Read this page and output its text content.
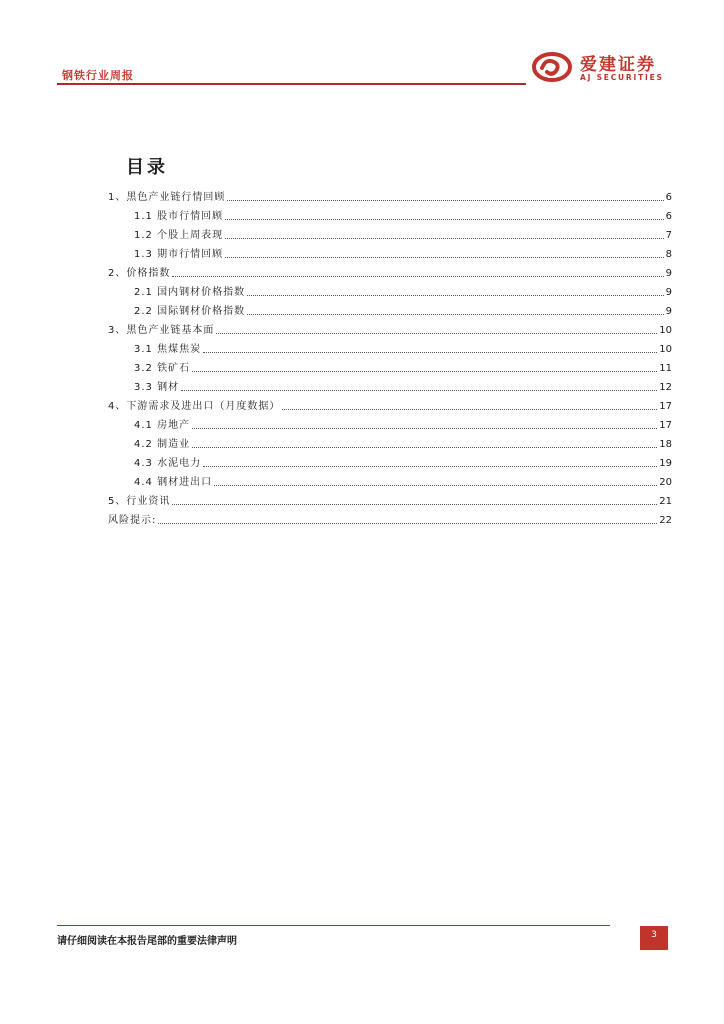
钢铁行业周报
爱建证券
AJ SECURITIES
目录
1、黑色产业链行情回顾	6
1.1 股市行情回顾	6
1.2 个股上周表现	7
1.3 期市行情回顾	8
2、价格指数	9
2.1 国内钢材价格指数	9
2.2 国际钢材价格指数	9
3、黑色产业链基本面	10
3.1 焦煤焦炭	10
3.2 铁矿石	11
3.3 钢材	12
4、下游需求及进出口（月度数据）	17
4.1 房地产	17
4.2 制造业	18
4.3 水泥电力	19
4.4 钢材进出口	20
5、行业资讯	21
风险提示:	22
请仔细阅读在本报告尾部的重要法律声明
3
